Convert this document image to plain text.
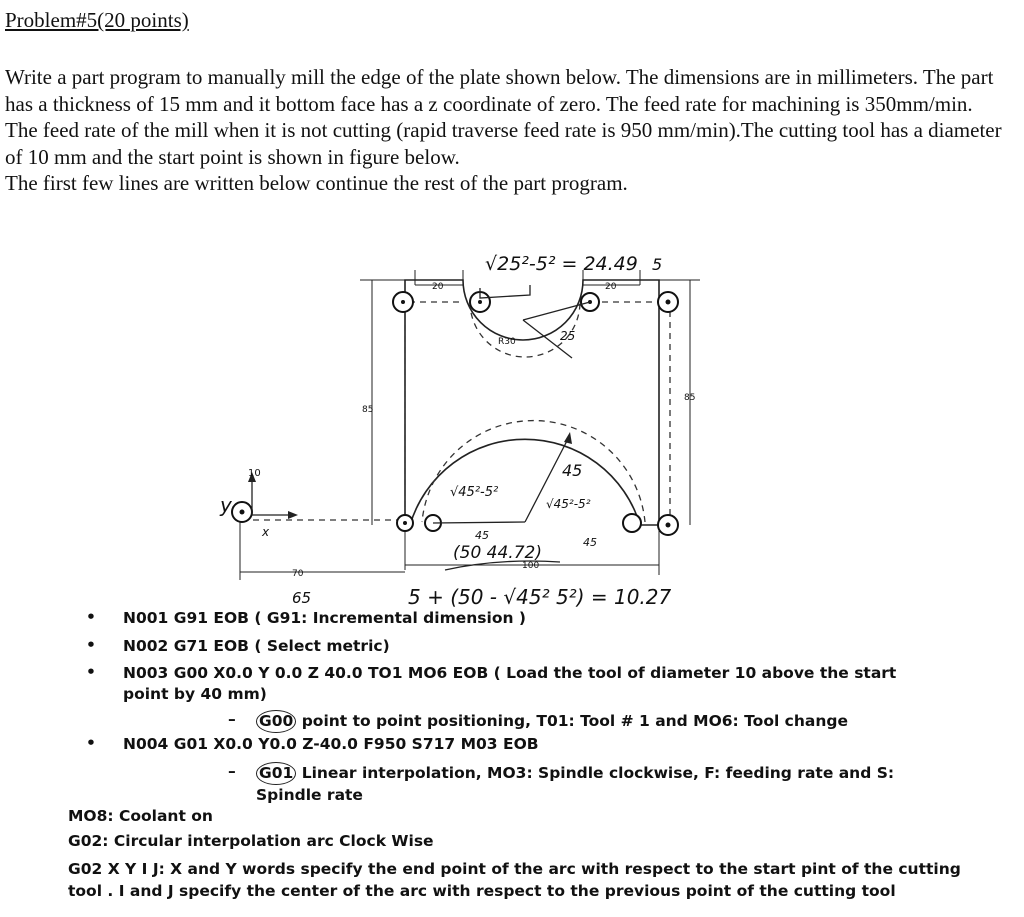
Problem#5(20 points)

Write a part program to manually mill the edge of the plate shown below. The dimensions are in millimeters. The part has a thickness of 15 mm and it bottom face has a z coordinate of zero. The feed rate for machining is 350mm/min. The feed rate of the mill when it is not cutting (rapid traverse feed rate is 950 mm/min).The cutting tool has a diameter of 10 mm and the start point is shown in figure below.

The first few lines are written below continue the rest of the part program.

√25²-5² = 24.49
20	20
5
R30	25
85
85
45
√45²-5²
√45²-5²
45
(50 44.72)
45
100
70
65	5 + (50 - √45² 5²) = 10.27
y
x
10
• N001 G91 EOB ( G91: Incremental dimension )
• N002 G71 EOB ( Select metric)
• N003 G00 X0.0 Y 0.0 Z 40.0 TO1 MO6 EOB ( Load the tool of diameter 10 above the start point by 40 mm)
– G00 point to point positioning, T01: Tool # 1 and MO6: Tool change
• N004 G01 X0.0 Y0.0 Z-40.0 F950 S717 M03 EOB
– G01 Linear interpolation, MO3: Spindle clockwise, F: feeding rate and S: Spindle rate
MO8: Coolant on
G02: Circular interpolation arc Clock Wise
G02 X Y I J: X and Y words specify the end point of the arc with respect to the start pint of the cutting tool . I and J specify the center of the arc with respect to the previous point of the cutting tool
